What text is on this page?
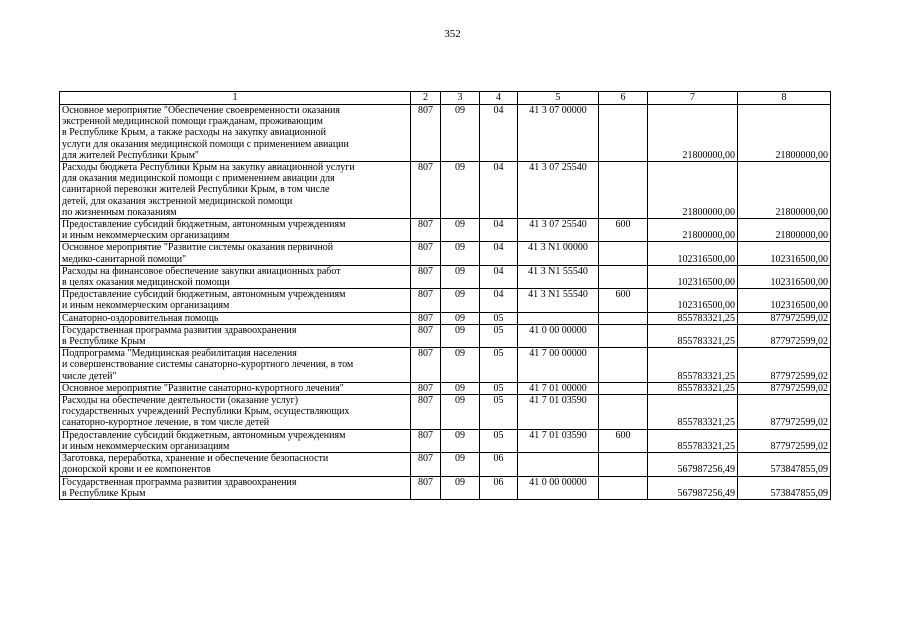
352
1	2	3	4	5	6	7	8
Основное мероприятие "Обеспечение своевременности оказания
экстренной медицинской помощи гражданам, проживающим
в Республике Крым, а также расходы на закупку авиационной
услуги для оказания медицинской помощи с применением авиации
для жителей Республики Крым"	807	09	04	41 3 07 00000		21800000,00	21800000,00
Расходы бюджета Республики Крым на закупку авиационной услуги
для оказания медицинской помощи с применением авиации для
санитарной перевозки жителей Республики Крым, в том числе
детей, для оказания экстренной медицинской помощи
по жизненным показаниям	807	09	04	41 3 07 25540		21800000,00	21800000,00
Предоставление субсидий бюджетным, автономным учреждениям
и иным некоммерческим организациям	807	09	04	41 3 07 25540	600	21800000,00	21800000,00
Основное мероприятие "Развитие системы оказания первичной
медико-санитарной помощи"	807	09	04	41 3 N1 00000		102316500,00	102316500,00
Расходы на финансовое обеспечение закупки авиационных работ
в целях оказания медицинской помощи	807	09	04	41 3 N1 55540		102316500,00	102316500,00
Предоставление субсидий бюджетным, автономным учреждениям
и иным некоммерческим организациям	807	09	04	41 3 N1 55540	600	102316500,00	102316500,00
Санаторно-оздоровительная помощь	807	09	05			855783321,25	877972599,02
Государственная программа развития здравоохранения
в Республике Крым	807	09	05	41 0 00 00000		855783321,25	877972599,02
Подпрограмма "Медицинская реабилитация населения
и совершенствование системы санаторно-курортного лечения, в том
числе детей"	807	09	05	41 7 00 00000		855783321,25	877972599,02
Основное мероприятие "Развитие санаторно-курортного лечения"	807	09	05	41 7 01 00000		855783321,25	877972599,02
Расходы на обеспечение деятельности (оказание услуг)
государственных учреждений Республики Крым, осуществляющих
санаторно-курортное лечение, в том числе детей	807	09	05	41 7 01 03590		855783321,25	877972599,02
Предоставление субсидий бюджетным, автономным учреждениям
и иным некоммерческим организациям	807	09	05	41 7 01 03590	600	855783321,25	877972599,02
Заготовка, переработка, хранение и обеспечение безопасности
донорской крови и ее компонентов	807	09	06			567987256,49	573847855,09
Государственная программа развития здравоохранения
в Республике Крым	807	09	06	41 0 00 00000		567987256,49	573847855,09
